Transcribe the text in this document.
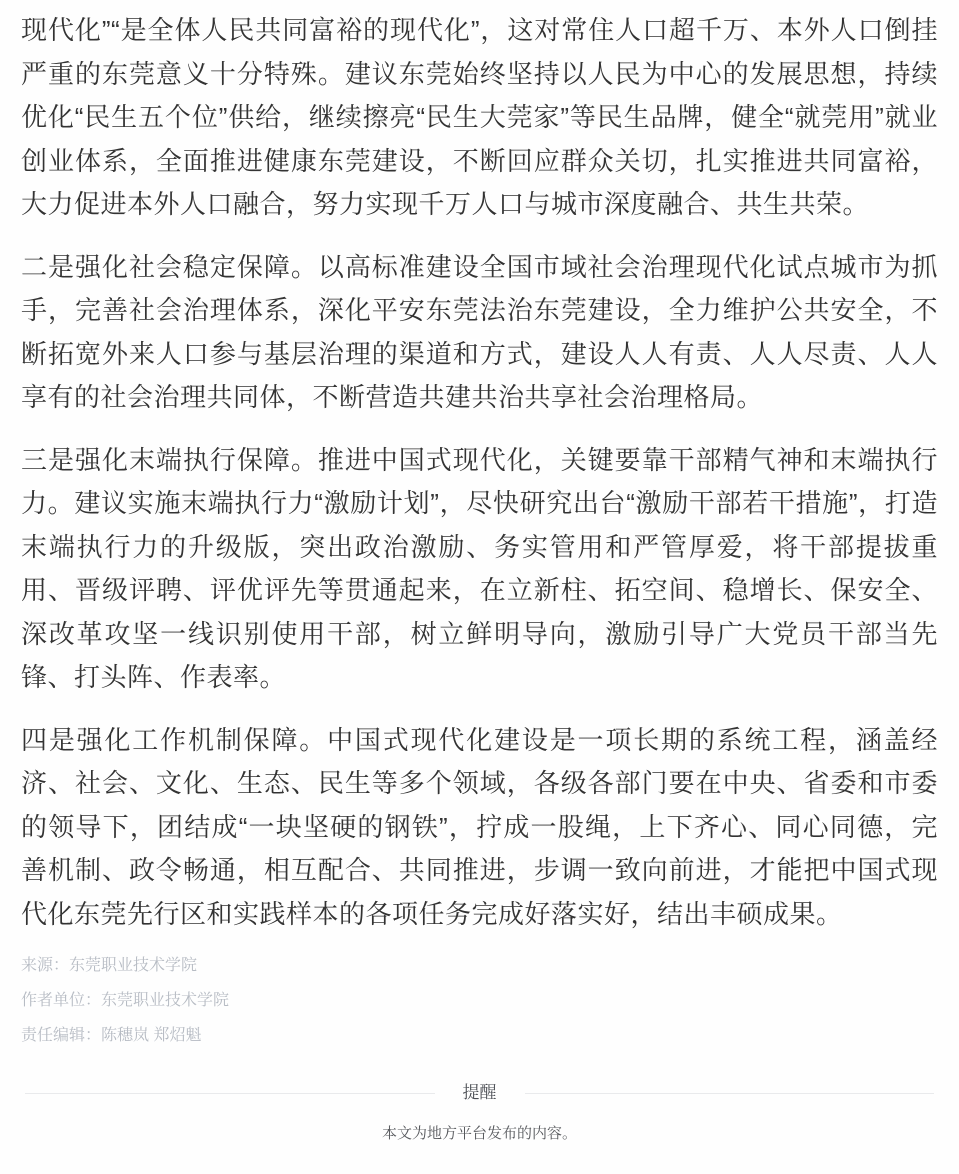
现代化”“是全体人民共同富裕的现代化”，这对常住人口超千万、本外人口倒挂严重的东莞意义十分特殊。建议东莞始终坚持以人民为中心的发展思想，持续优化“民生五个位”供给，继续擦亮“民生大莞家”等民生品牌，健全“就莞用”就业创业体系，全面推进健康东莞建设，不断回应群众关切，扎实推进共同富裕，大力促进本外人口融合，努力实现千万人口与城市深度融合、共生共荣。

二是强化社会稳定保障。以高标准建设全国市域社会治理现代化试点城市为抓手，完善社会治理体系，深化平安东莞法治东莞建设，全力维护公共安全，不断拓宽外来人口参与基层治理的渠道和方式，建设人人有责、人人尽责、人人享有的社会治理共同体，不断营造共建共治共享社会治理格局。

三是强化末端执行保障。推进中国式现代化，关键要靠干部精气神和末端执行力。建议实施末端执行力“激励计划”，尽快研究出台“激励干部若干措施”，打造末端执行力的升级版，突出政治激励、务实管用和严管厚爱，将干部提拔重用、晋级评聘、评优评先等贯通起来，在立新柱、拓空间、稳增长、保安全、深改革攻坚一线识别使用干部，树立鲜明导向，激励引导广大党员干部当先锋、打头阵、作表率。

四是强化工作机制保障。中国式现代化建设是一项长期的系统工程，涵盖经济、社会、文化、生态、民生等多个领域，各级各部门要在中央、省委和市委的领导下，团结成“一块坚硬的钢铁”，拧成一股绳，上下齐心、同心同德，完善机制、政令畅通，相互配合、共同推进，步调一致向前进，才能把中国式现代化东莞先行区和实践样本的各项任务完成好落实好，结出丰硕成果。

来源：东莞职业技术学院
作者单位：东莞职业技术学院
责任编辑：陈穗岚 郑炤魁
提醒
本文为地方平台发布的内容。
